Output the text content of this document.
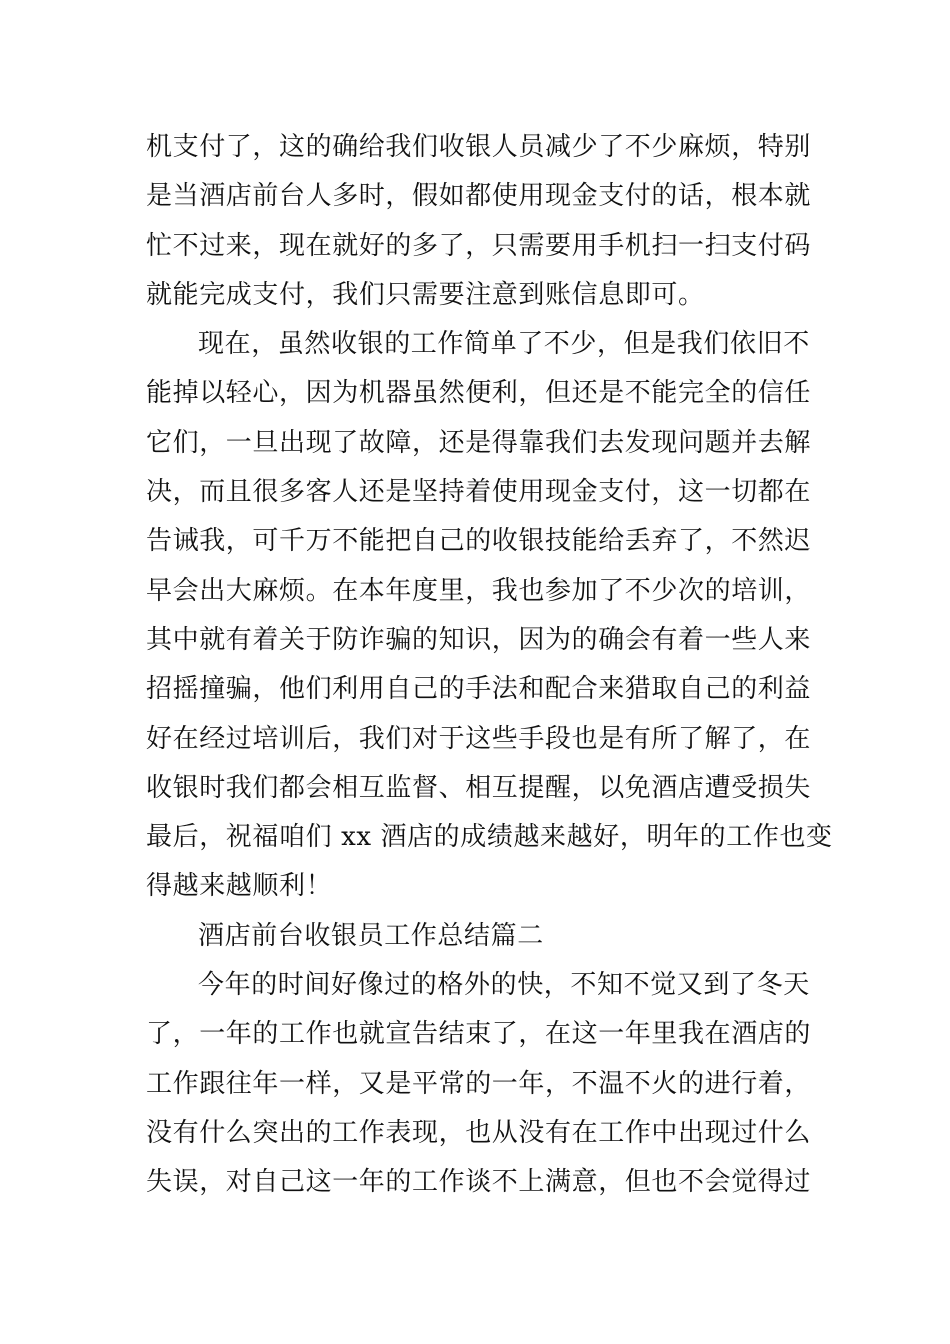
机支付了，这的确给我们收银人员减少了不少麻烦，特别
是当酒店前台人多时，假如都使用现金支付的话，根本就
忙不过来，现在就好的多了，只需要用手机扫一扫支付码
就能完成支付，我们只需要注意到账信息即可。
现在，虽然收银的工作简单了不少，但是我们依旧不
能掉以轻心，因为机器虽然便利，但还是不能完全的信任
它们，一旦出现了故障，还是得靠我们去发现问题并去解
决，而且很多客人还是坚持着使用现金支付，这一切都在
告诫我，可千万不能把自己的收银技能给丢弃了，不然迟
早会出大麻烦。在本年度里，我也参加了不少次的培训，
其中就有着关于防诈骗的知识，因为的确会有着一些人来
招摇撞骗，他们利用自己的手法和配合来猎取自己的利益
好在经过培训后，我们对于这些手段也是有所了解了，在
收银时我们都会相互监督、相互提醒，以免酒店遭受损失
最后，祝福咱们 xx 酒店的成绩越来越好，明年的工作也变
得越来越顺利！
酒店前台收银员工作总结篇二
今年的时间好像过的格外的快，不知不觉又到了冬天
了，一年的工作也就宣告结束了，在这一年里我在酒店的
工作跟往年一样，又是平常的一年，不温不火的进行着，
没有什么突出的工作表现，也从没有在工作中出现过什么
失误，对自己这一年的工作谈不上满意，但也不会觉得过
